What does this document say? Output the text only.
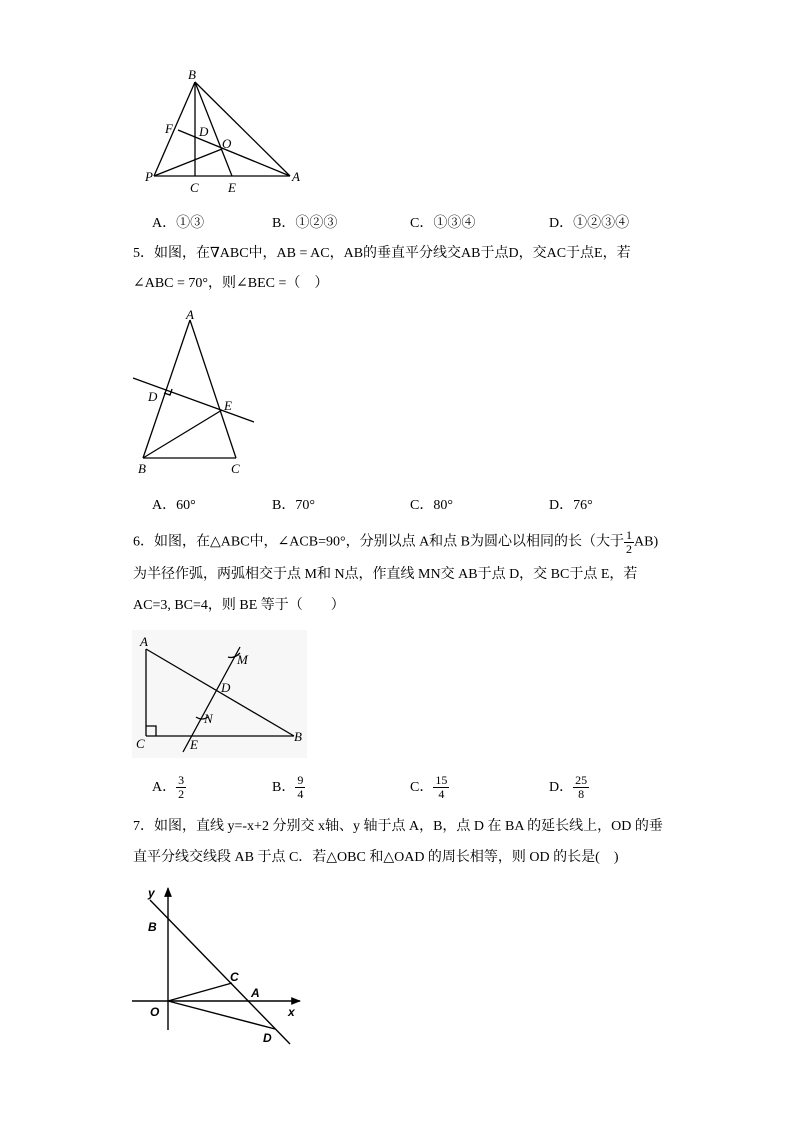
B
F D
O
P
C E
A
A．①③	B．①②③	C．①③④	D．①②③④
5．如图，在∇ABC中，AB = AC，AB的垂直平分线交AB于点D，交AC于点E，若
∠ABC = 70°，则∠BEC =（　）
A
D
E
B	C
A．60°	B．70°	C．80°	D．76°
6．如图，在△ABC中，∠ACB=90°，分别以点 A和点 B为圆心以相同的长（大于 $\frac{1}{2} AB$)
为半径作弧，两弧相交于点 M和 N点，作直线 MN交 AB于点 D，交 BC于点 E，若
AC=3, BC=4，则 BE 等于（　　）
A
M
D
N
C	E
B
A． $\frac{3}{2}$	B． $\frac{9}{4}$	C． $\frac{15}{4}$	D． $\frac{25}{8}$
7．如图，直线 y=-x+2 分别交 x轴、y 轴于点 A，B，点 D 在 BA 的延长线上，OD 的垂
直平分线交线段 AB 于点 C．若△OBC 和△OAD 的周长相等，则 OD 的长是(　)
y
B
C
A
O	x
D
